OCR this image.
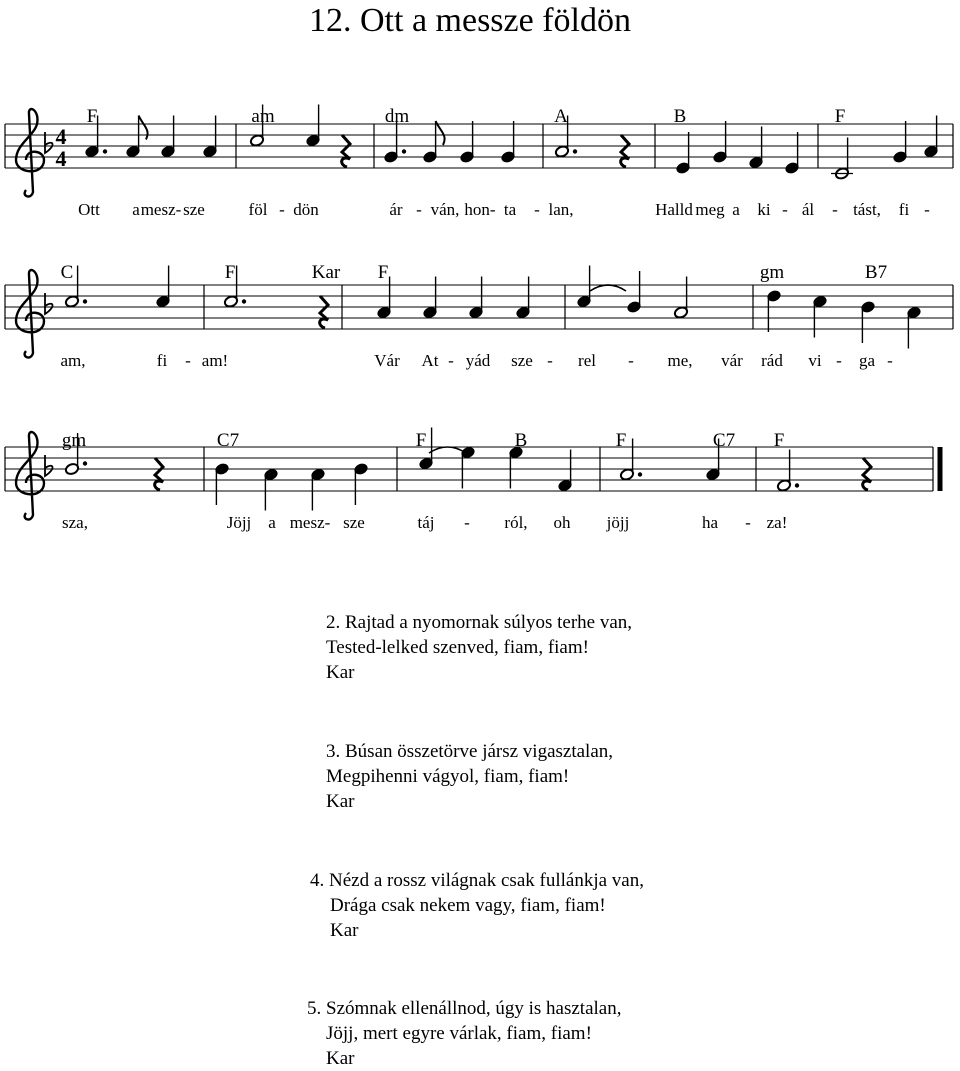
12. Ott a messze földön
4
4
F	am	dm	A	B	F
Ott a mesz- sze	föl - dön	ár - ván, hon- ta - lan,	Halld meg a ki - ál - tást, fi -
C	F	Kar F	gm	B7
am,	fi - am!	Vár At - yád sze - rel - me, vár rád vi - ga -
gm	C7	F	B	F	C7 F
sza,	Jöjj a mesz- sze	táj - ról, oh jöjj	ha - za!
2. Rajtad a nyomornak súlyos terhe van,
Tested-lelked szenved, fiam, fiam!
Kar
3. Búsan összetörve jársz vigasztalan,
Megpihenni vágyol, fiam, fiam!
Kar
4. Nézd a rossz világnak csak fullánkja van,
Drága csak nekem vagy, fiam, fiam!
Kar
5. Szómnak ellenállnod, úgy is hasztalan,
Jöjj, mert egyre várlak, fiam, fiam!
Kar
